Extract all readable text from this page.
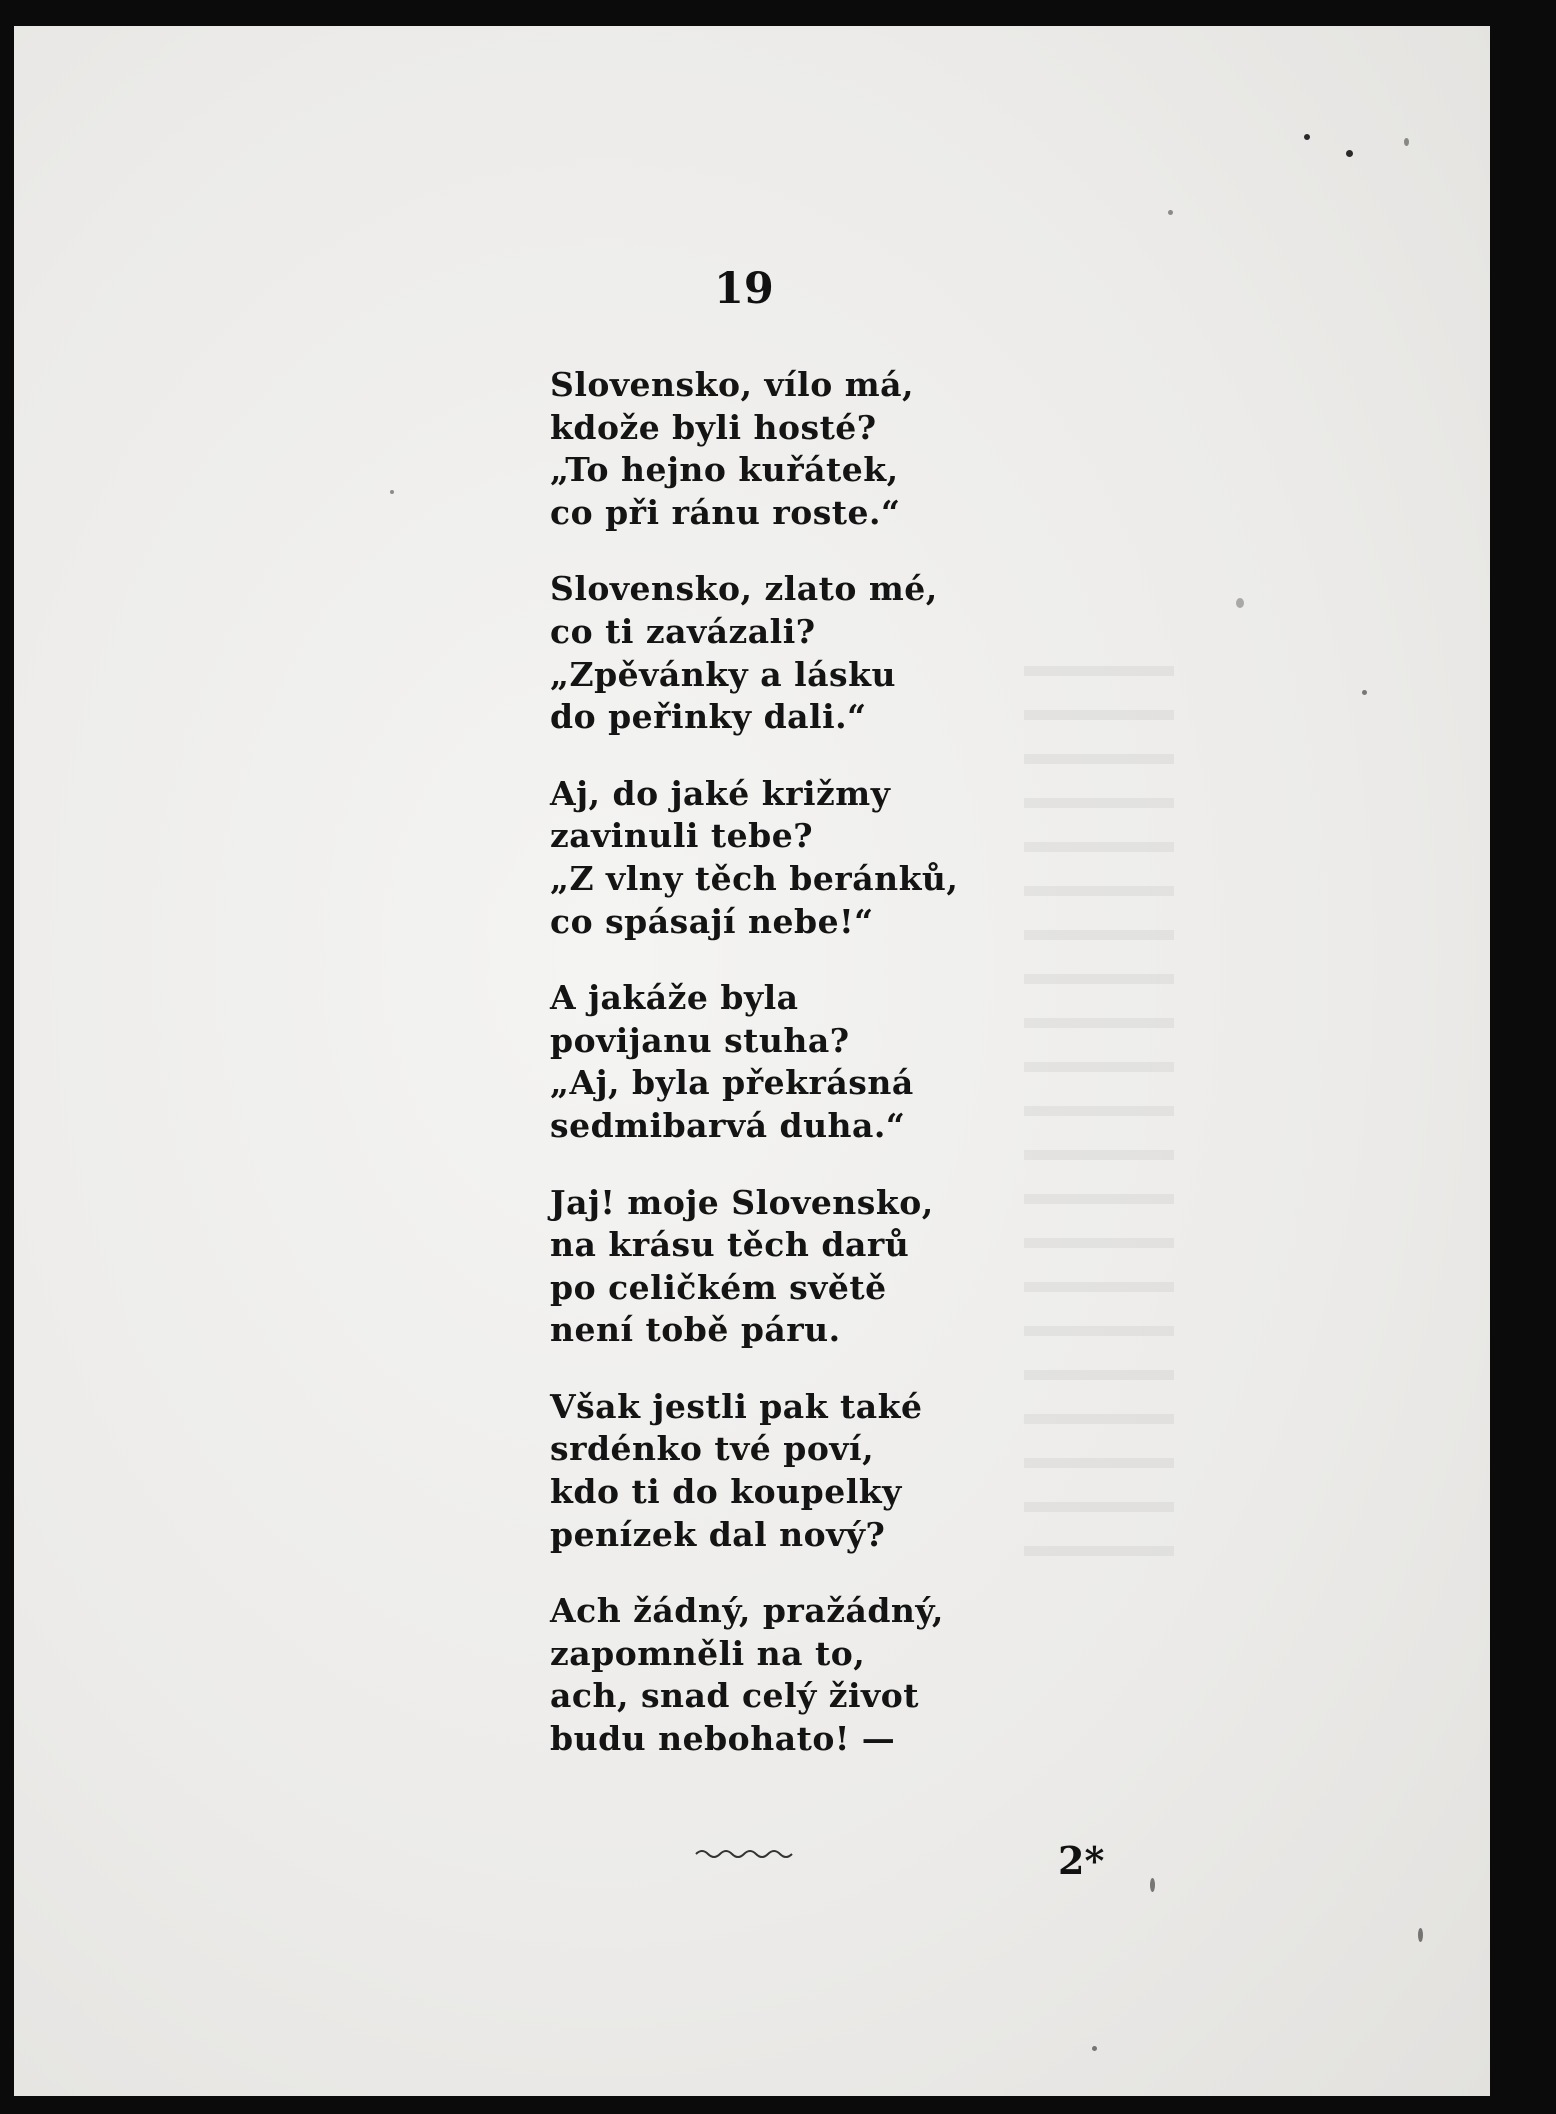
19

Slovensko, vílo má,
kdože byli hosté?
„To hejno kuřátek,
co při ránu roste.“
Slovensko, zlato mé,
co ti zavázali?
„Zpěvánky a lásku
do peřinky dali.“
Aj, do jaké križmy
zavinuli tebe?
„Z vlny těch beránků,
co spásají nebe!“
A jakáže byla
povijanu stuha?
„Aj, byla překrásná
sedmibarvá duha.“
Jaj! moje Slovensko,
na krásu těch darů
po celičkém světě
není tobě páru.
Však jestli pak také
srdénko tvé poví,
kdo ti do koupelky
penízek dal nový?
Ach žádný, pražádný,
zapomněli na to,
ach, snad celý život
budu nebohato! —

2*
